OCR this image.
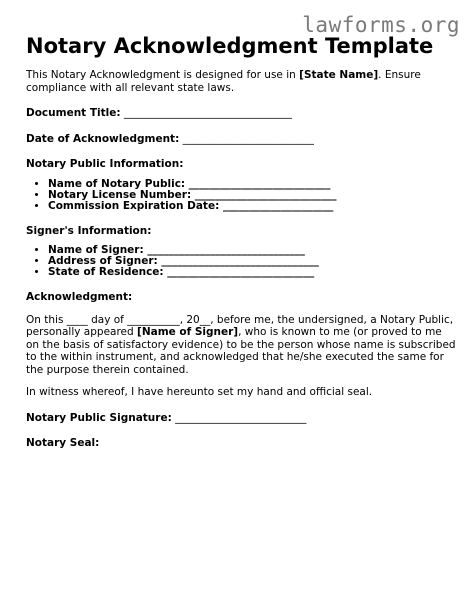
lawforms.org
Notary Acknowledgment Template

This Notary Acknowledgment is designed for use in [State Name]. Ensure compliance with all relevant state laws.

Document Title: ________________________________
Date of Acknowledgment: _________________________
Notary Public Information:
• Name of Notary Public: ___________________________
• Notary License Number: ___________________________
• Commission Expiration Date: _____________________
Signer's Information:
• Name of Signer: ______________________________
• Address of Signer: ______________________________
• State of Residence: ____________________________
Acknowledgment:

On this ____ day of __________, 20__, before me, the undersigned, a Notary Public, personally appeared [Name of Signer], who is known to me (or proved to me on the basis of satisfactory evidence) to be the person whose name is subscribed to the within instrument, and acknowledged that he/she executed the same for the purpose therein contained.

In witness whereof, I have hereunto set my hand and official seal.

Notary Public Signature: _________________________
Notary Seal:
